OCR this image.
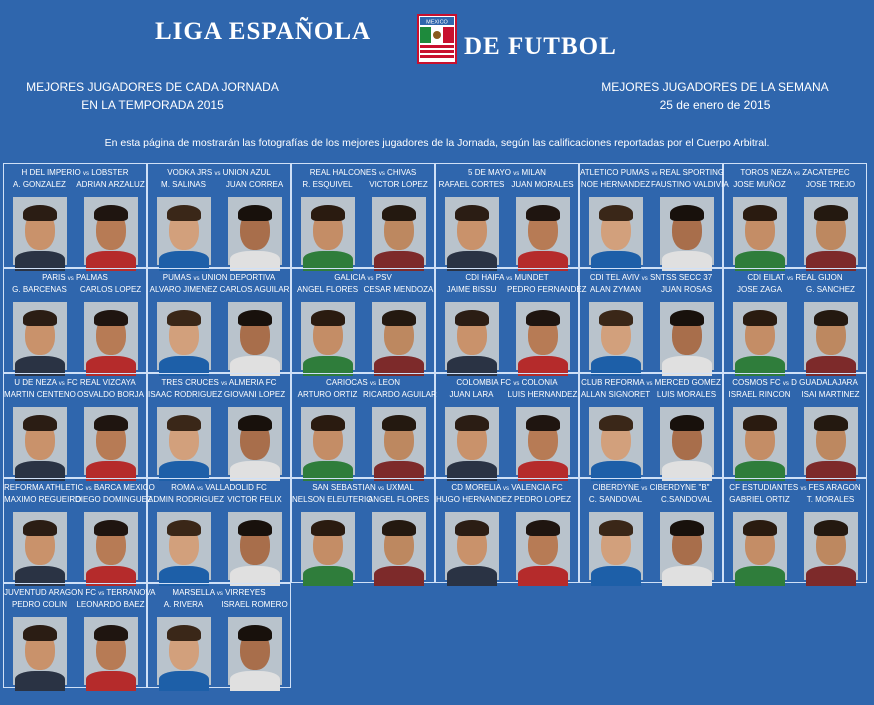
LIGA ESPAÑOLA	MEXICO
DE FUTBOL
MEJORES JUGADORES DE CADA JORNADA
EN LA TEMPORADA 2015
MEJORES JUGADORES DE LA SEMANA
25 de enero de 2015
En esta página de mostrarán las fotografías de los mejores jugadores de la Jornada, según las calificaciones reportadas por el Cuerpo Arbitral.
H DEL IMPERIO vs LOBSTER
A. GONZALEZ	ADRIAN ARZALUZ
VODKA JRS vs UNION AZUL
M. SALINAS	JUAN CORREA
REAL HALCONES vs CHIVAS
R. ESQUIVEL	VICTOR LOPEZ
5 DE MAYO vs MILAN
RAFAEL CORTES JUAN MORALES
ATLETICO PUMAS vs REAL SPORTING
NOE HERNANDEZ FAUSTINO VALDIVIA
TOROS NEZA vs ZACATEPEC
JOSE MUÑOZ	JOSE TREJO
PARIS vs PALMAS
G. BARCENAS	CARLOS LOPEZ
PUMAS vs UNION DEPORTIVA
ALVARO JIMENEZ CARLOS AGUILAR
GALICIA vs PSV
ANGEL FLORES CESAR MENDOZA
CDI HAIFA vs MUNDET
JAIME BISSU	PEDRO FERNANDEZ
CDI TEL AVIV vs SNTSS SECC 37
ALAN ZYMAN	JUAN ROSAS
CDI EILAT vs REAL GIJON
JOSE ZAGA	G. SANCHEZ
U DE NEZA vs FC REAL VIZCAYA
MARTIN CENTENO OSVALDO BORJA
TRES CRUCES vs ALMERIA FC
ISAAC RODRIGUEZ GIOVANI LOPEZ
CARIOCAS vs LEON
ARTURO ORTIZ RICARDO AGUILAR
COLOMBIA FC vs COLONIA
JUAN LARA	LUIS HERNANDEZ
CLUB REFORMA vs MERCED GOMEZ
ALLAN SIGNORET LUIS MORALES
COSMOS FC vs D GUADALAJARA
ISRAEL RINCON	ISAI MARTINEZ
REFORMA ATHLETIC vs BARCA MEXICO
MAXIMO REGUEIRO
DIEGO DOMINGUEZ
ROMA vs VALLADOLID FC
ADMIN RODRIGUEZ VICTOR FELIX
SAN SEBASTIAN vs UXMAL
NELSON ELEUTERIO
ANGEL FLORES
CD MORELIA vs VALENCIA FC
HUGO HERNANDEZ PEDRO LOPEZ
CIBERDYNE vs CIBERDYNE "B"
C. SANDOVAL	C.SANDOVAL
CF ESTUDIANTES vs FES ARAGON
GABRIEL ORTIZ	T. MORALES
JUVENTUD ARAGON FC vs TERRANOVA
PEDRO COLIN	LEONARDO BAEZ
MARSELLA vs VIRREYES
A. RIVERA	ISRAEL ROMERO
